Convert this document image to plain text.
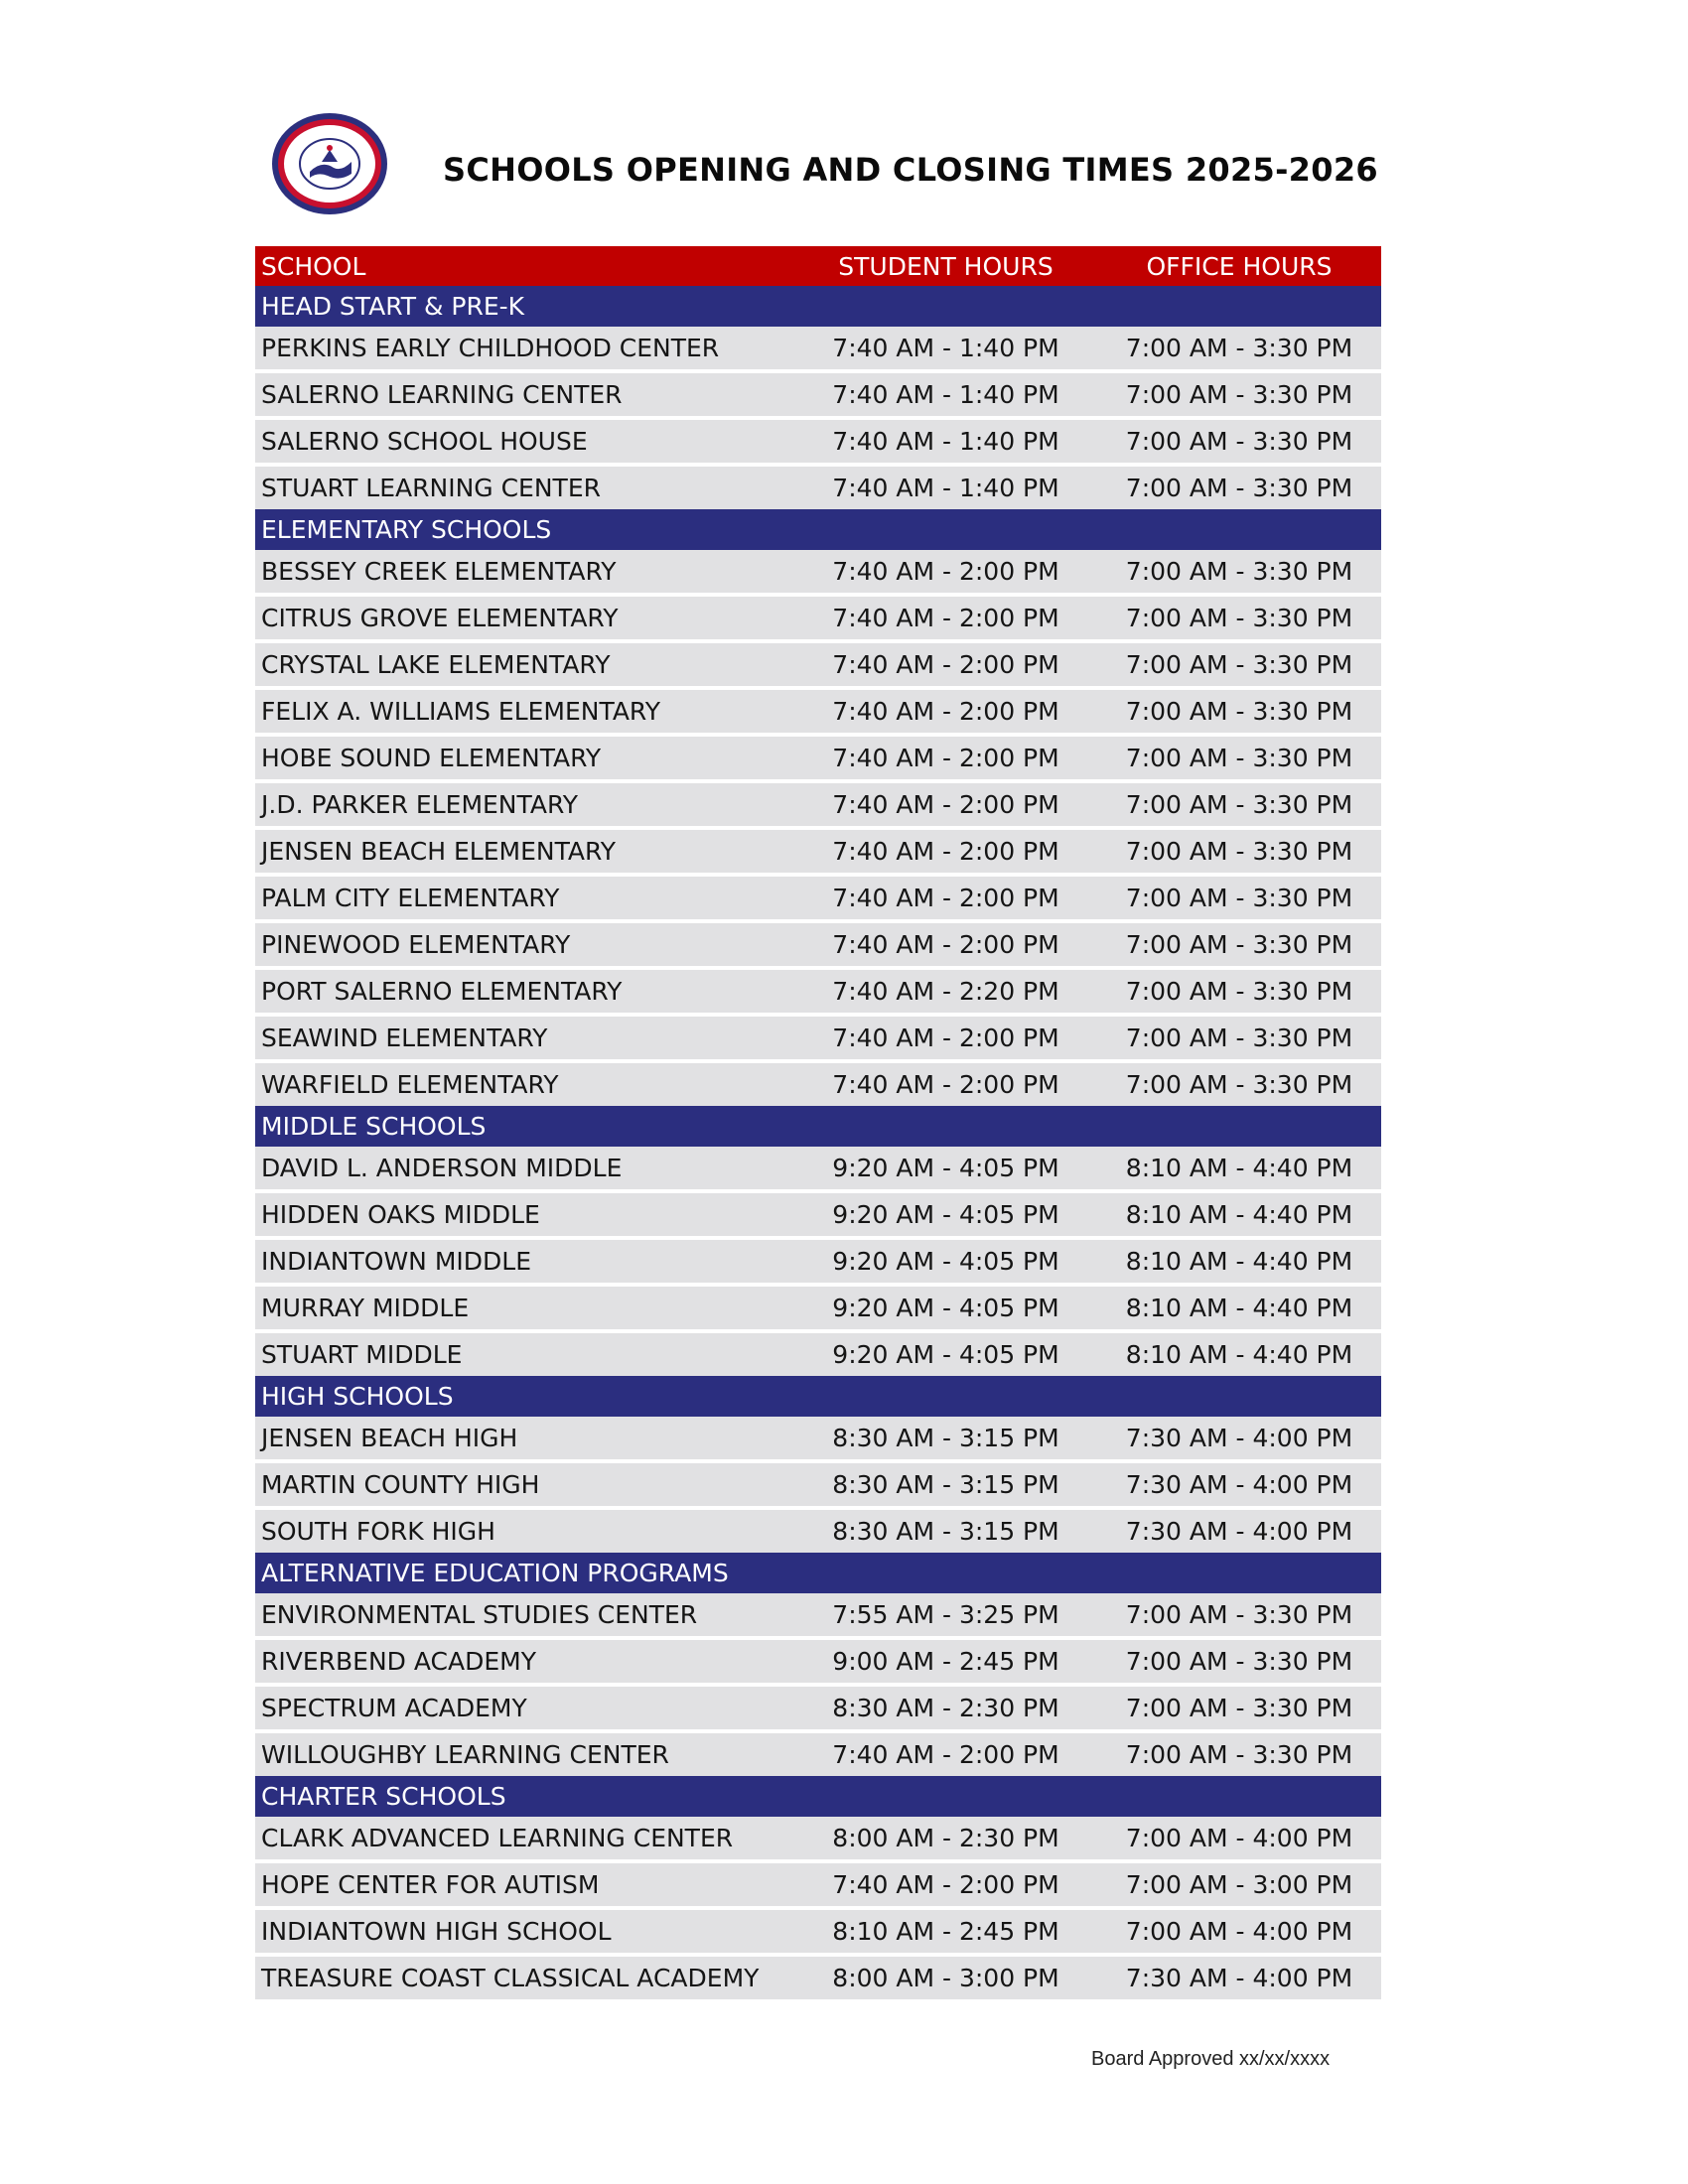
SCHOOLS OPENING AND CLOSING TIMES 2025-2026
SCHOOL	STUDENT HOURS	OFFICE HOURS
HEAD START & PRE-K
PERKINS EARLY CHILDHOOD CENTER	7:40 AM - 1:40 PM	7:00 AM - 3:30 PM
SALERNO LEARNING CENTER	7:40 AM - 1:40 PM	7:00 AM - 3:30 PM
SALERNO SCHOOL HOUSE	7:40 AM - 1:40 PM	7:00 AM - 3:30 PM
STUART LEARNING CENTER	7:40 AM - 1:40 PM	7:00 AM - 3:30 PM
ELEMENTARY SCHOOLS
BESSEY CREEK ELEMENTARY	7:40 AM - 2:00 PM	7:00 AM - 3:30 PM
CITRUS GROVE ELEMENTARY	7:40 AM - 2:00 PM	7:00 AM - 3:30 PM
CRYSTAL LAKE ELEMENTARY	7:40 AM - 2:00 PM	7:00 AM - 3:30 PM
FELIX A. WILLIAMS ELEMENTARY	7:40 AM - 2:00 PM	7:00 AM - 3:30 PM
HOBE SOUND ELEMENTARY	7:40 AM - 2:00 PM	7:00 AM - 3:30 PM
J.D. PARKER ELEMENTARY	7:40 AM - 2:00 PM	7:00 AM - 3:30 PM
JENSEN BEACH ELEMENTARY	7:40 AM - 2:00 PM	7:00 AM - 3:30 PM
PALM CITY ELEMENTARY	7:40 AM - 2:00 PM	7:00 AM - 3:30 PM
PINEWOOD ELEMENTARY	7:40 AM - 2:00 PM	7:00 AM - 3:30 PM
PORT SALERNO ELEMENTARY	7:40 AM - 2:20 PM	7:00 AM - 3:30 PM
SEAWIND ELEMENTARY	7:40 AM - 2:00 PM	7:00 AM - 3:30 PM
WARFIELD ELEMENTARY	7:40 AM - 2:00 PM	7:00 AM - 3:30 PM
MIDDLE SCHOOLS
DAVID L. ANDERSON MIDDLE	9:20 AM - 4:05 PM	8:10 AM - 4:40 PM
HIDDEN OAKS MIDDLE	9:20 AM - 4:05 PM	8:10 AM - 4:40 PM
INDIANTOWN MIDDLE	9:20 AM - 4:05 PM	8:10 AM - 4:40 PM
MURRAY MIDDLE	9:20 AM - 4:05 PM	8:10 AM - 4:40 PM
STUART MIDDLE	9:20 AM - 4:05 PM	8:10 AM - 4:40 PM
HIGH SCHOOLS
JENSEN BEACH HIGH	8:30 AM - 3:15 PM	7:30 AM - 4:00 PM
MARTIN COUNTY HIGH	8:30 AM - 3:15 PM	7:30 AM - 4:00 PM
SOUTH FORK HIGH	8:30 AM - 3:15 PM	7:30 AM - 4:00 PM
ALTERNATIVE EDUCATION PROGRAMS
ENVIRONMENTAL STUDIES CENTER	7:55 AM - 3:25 PM	7:00 AM - 3:30 PM
RIVERBEND ACADEMY	9:00 AM - 2:45 PM	7:00 AM - 3:30 PM
SPECTRUM ACADEMY	8:30 AM - 2:30 PM	7:00 AM - 3:30 PM
WILLOUGHBY LEARNING CENTER	7:40 AM - 2:00 PM	7:00 AM - 3:30 PM
CHARTER SCHOOLS
CLARK ADVANCED LEARNING CENTER	8:00 AM - 2:30 PM	7:00 AM - 4:00 PM
HOPE CENTER FOR AUTISM	7:40 AM - 2:00 PM	7:00 AM - 3:00 PM
INDIANTOWN HIGH SCHOOL	8:10 AM - 2:45 PM	7:00 AM - 4:00 PM
TREASURE COAST CLASSICAL ACADEMY	8:00 AM - 3:00 PM	7:30 AM - 4:00 PM
Board Approved xx/xx/xxxx
